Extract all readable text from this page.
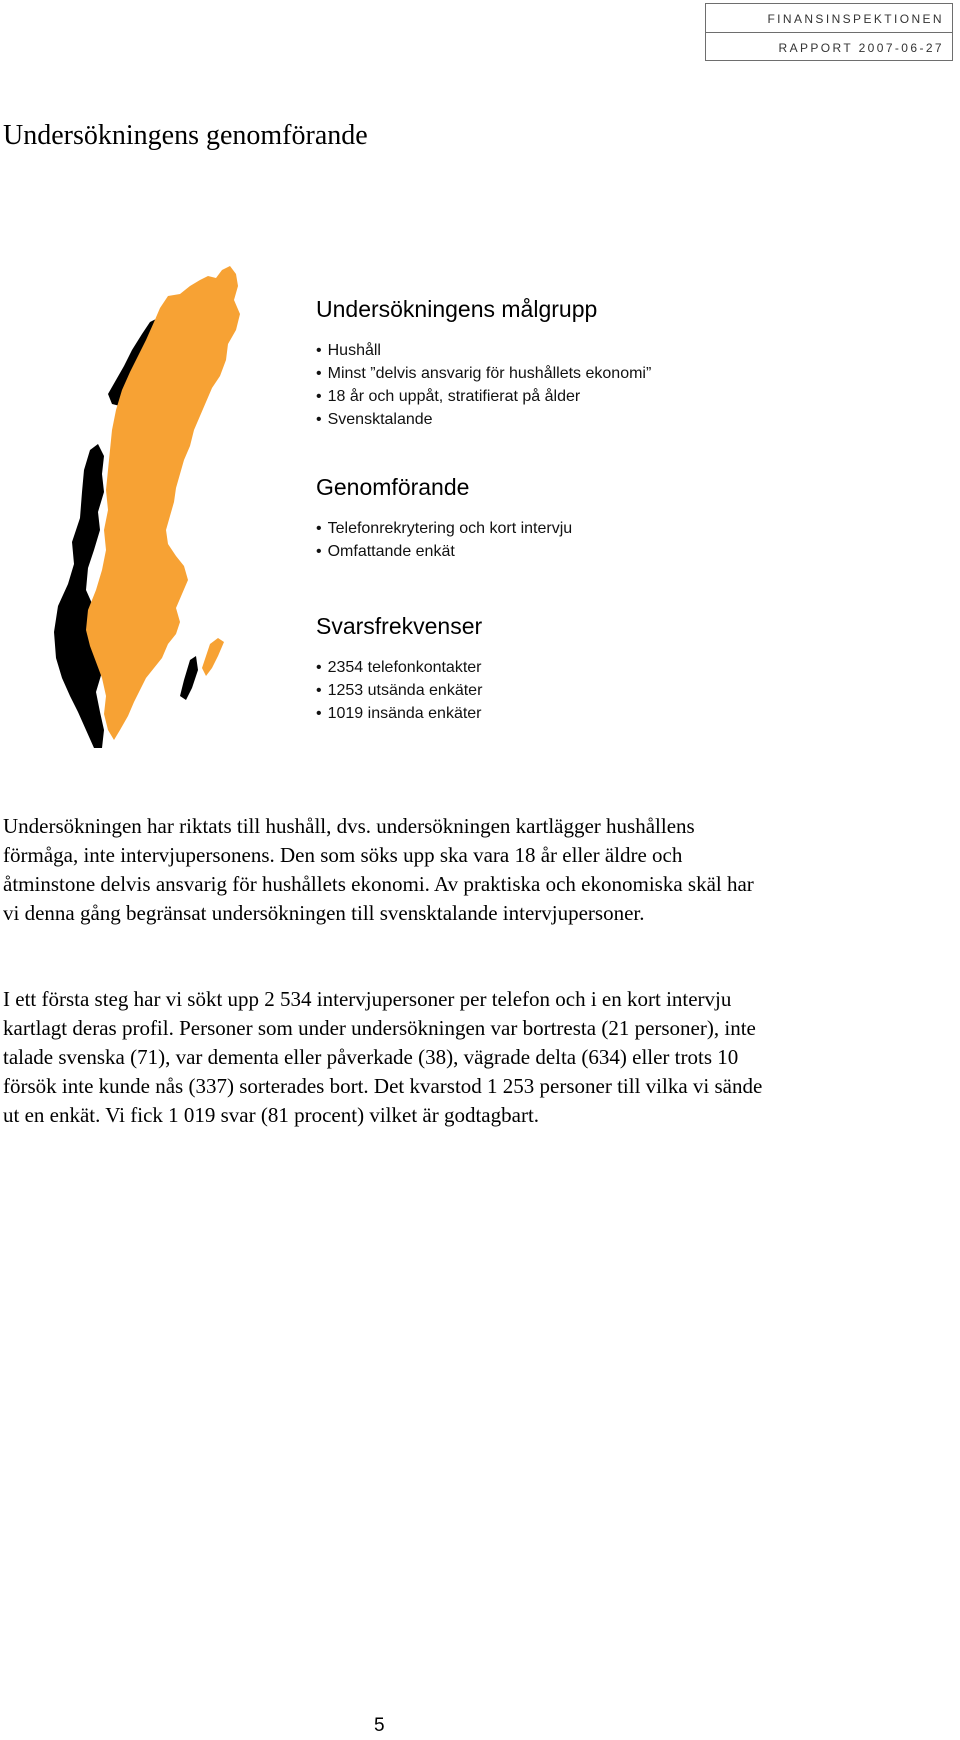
FINANSINSPEKTIONEN
RAPPORT 2007-06-27
Undersökningens genomförande
Undersökningens målgrupp
• Hushåll
• Minst ”delvis ansvarig för hushållets ekonomi”
• 18 år och uppåt, stratifierat på ålder
• Svensktalande
Genomförande
• Telefonrekrytering och kort intervju
• Omfattande enkät
Svarsfrekvenser
• 2354 telefonkontakter
• 1253 utsända enkäter
• 1019 insända enkäter

Undersökningen har riktats till hushåll, dvs. undersökningen kartlägger hushållens förmåga, inte intervjupersonens. Den som söks upp ska vara 18 år eller äldre och åtminstone delvis ansvarig för hushållets ekonomi. Av praktiska och ekonomiska skäl har vi denna gång begränsat undersökningen till svensktalande intervjupersoner.

I ett första steg har vi sökt upp 2 534 intervjupersoner per telefon och i en kort intervju kartlagt deras profil. Personer som under undersökningen var bortresta (21 personer), inte talade svenska (71), var dementa eller påverkade (38), vägrade delta (634) eller trots 10 försök inte kunde nås (337) sorterades bort. Det kvarstod 1 253 personer till vilka vi sände ut en enkät. Vi fick 1 019 svar (81 procent) vilket är godtagbart.

5
